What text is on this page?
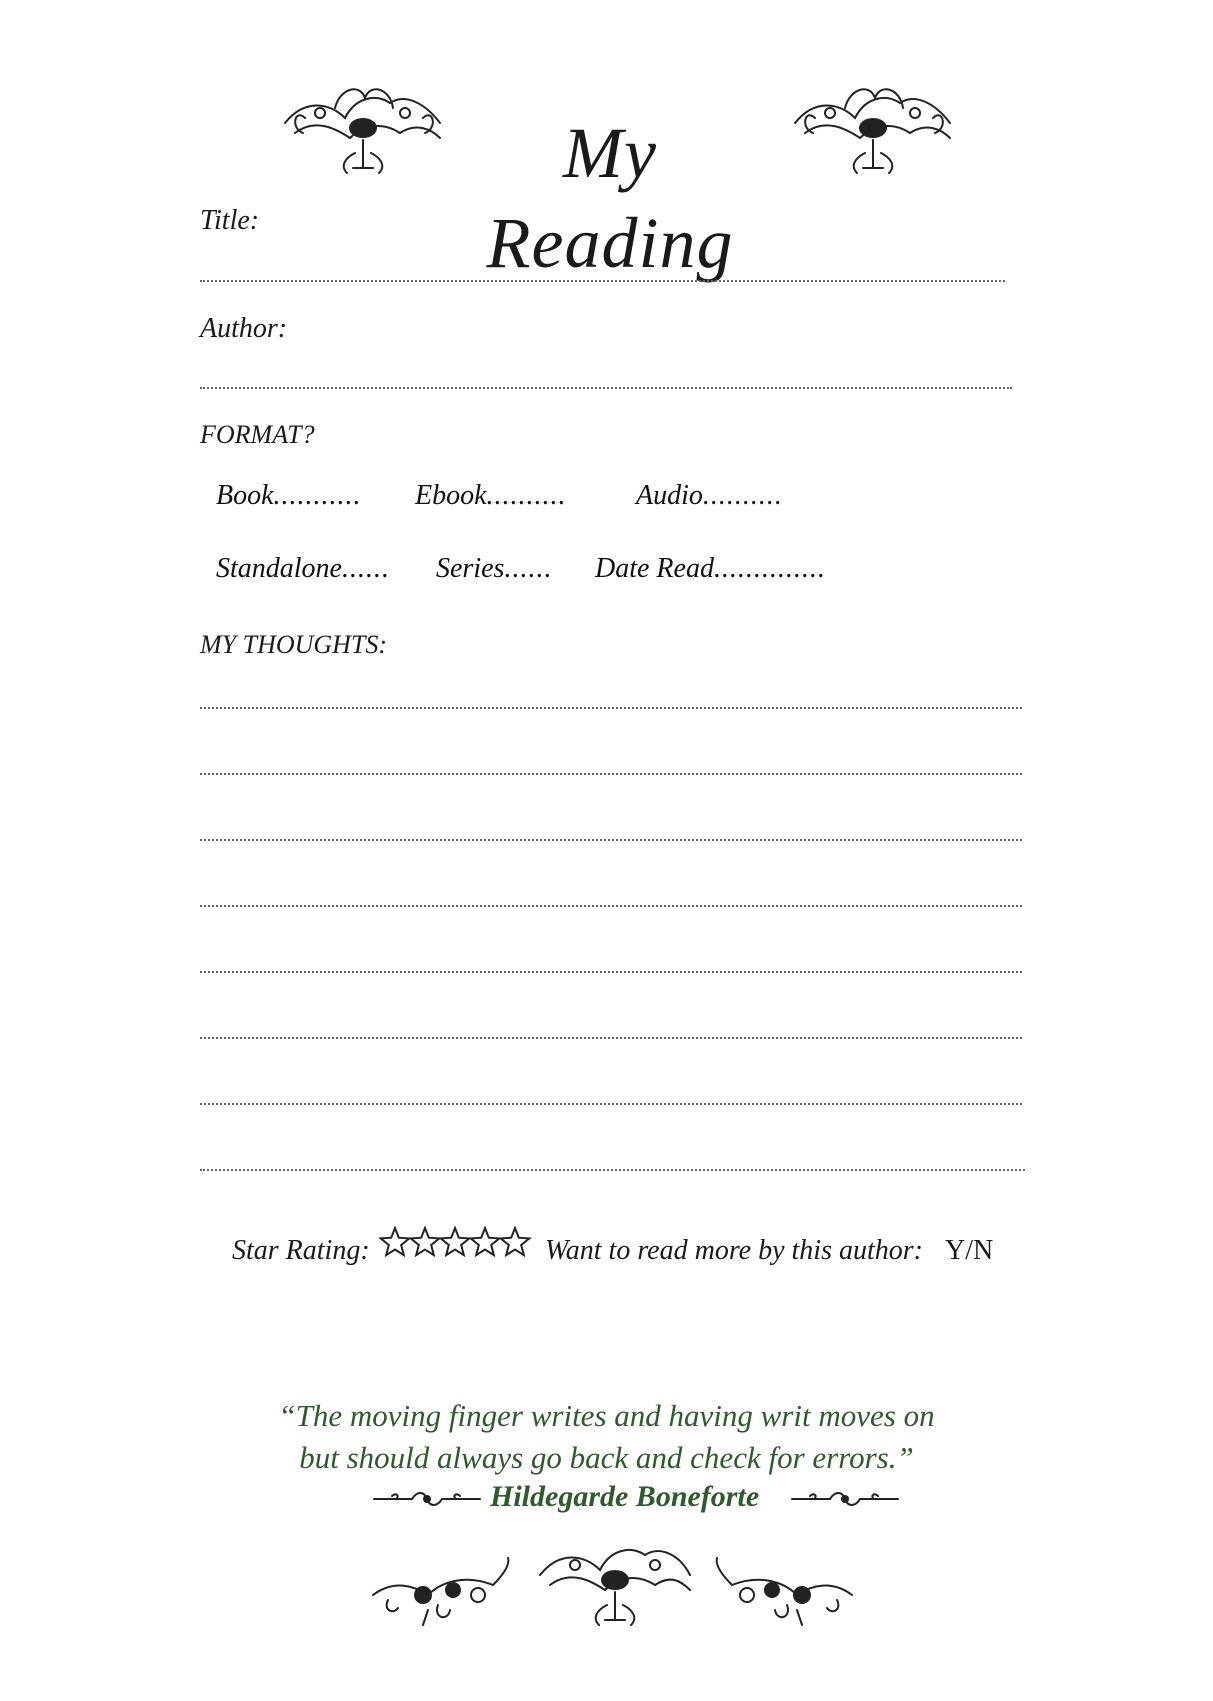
My Reading
Title:
Author:
FORMAT?
Book........... Ebook.......... Audio..........
Standalone...... Series...... Date Read..............
MY THOUGHTS:
Star Rating:	Want to read more by this author: Y/N
“The moving finger writes and having writ moves on
but should always go back and check for errors.”
Hildegarde Boneforte
